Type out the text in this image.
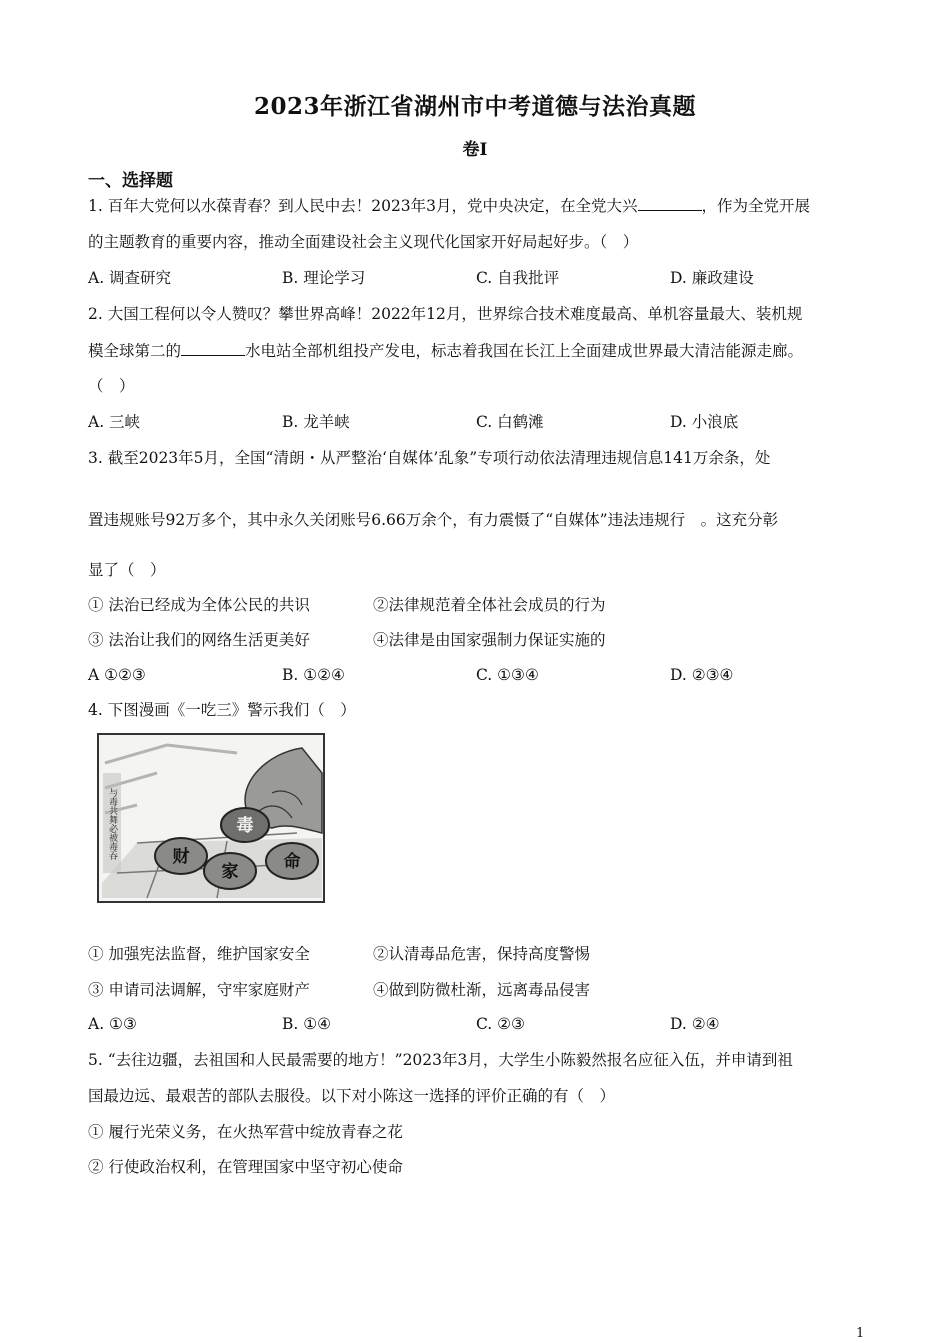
2023年浙江省湖州市中考道德与法治真题
卷I
一、选择题
1. 百年大党何以水葆青春？到人民中去！2023年3月，党中央决定，在全党大兴	，作为全党开展
的主题教育的重要内容，推动全面建设社会主义现代化国家开好局起好步。（　）
A. 调查研究	B. 理论学习	C. 自我批评	D. 廉政建设
2. 大国工程何以令人赞叹？攀世界高峰！2022年12月，世界综合技术难度最高、单机容量最大、装机规
模全球第二的	水电站全部机组投产发电，标志着我国在长江上全面建成世界最大清洁能源走廊。
（　）
A. 三峡	B. 龙羊峡	C. 白鹤滩	D. 小浪底
3. 截至2023年5月，全国“清朗・从严整治‘自媒体’乱象”专项行动依法清理违规信息141万余条，处
置违规账号92万多个，其中永久关闭账号6.66万余个，有力震慑了“自媒体”违法违规行　。这充分彰
显了（　）
① 法治已经成为全体公民的共识	②法律规范着全体社会成员的行为
③ 法治让我们的网络生活更美好	④法律是由国家强制力保证实施的
A ①②③	B. ①②④	C. ①③④	D. ②③④
4. 下图漫画《一吃三》警示我们（　）
与毒共舞必被毒吞	毒
财
家	命
① 加强宪法监督，维护国家安全	②认清毒品危害，保持高度警惕
③ 申请司法调解，守牢家庭财产	④做到防微杜渐，远离毒品侵害
A. ①③	B. ①④	C. ②③	D. ②④
5. “去往边疆，去祖国和人民最需要的地方！”2023年3月，大学生小陈毅然报名应征入伍，并申请到祖
国最边远、最艰苦的部队去服役。以下对小陈这一选择的评价正确的有（　）
① 履行光荣义务，在火热军营中绽放青春之花
② 行使政治权利，在管理国家中坚守初心使命
1
